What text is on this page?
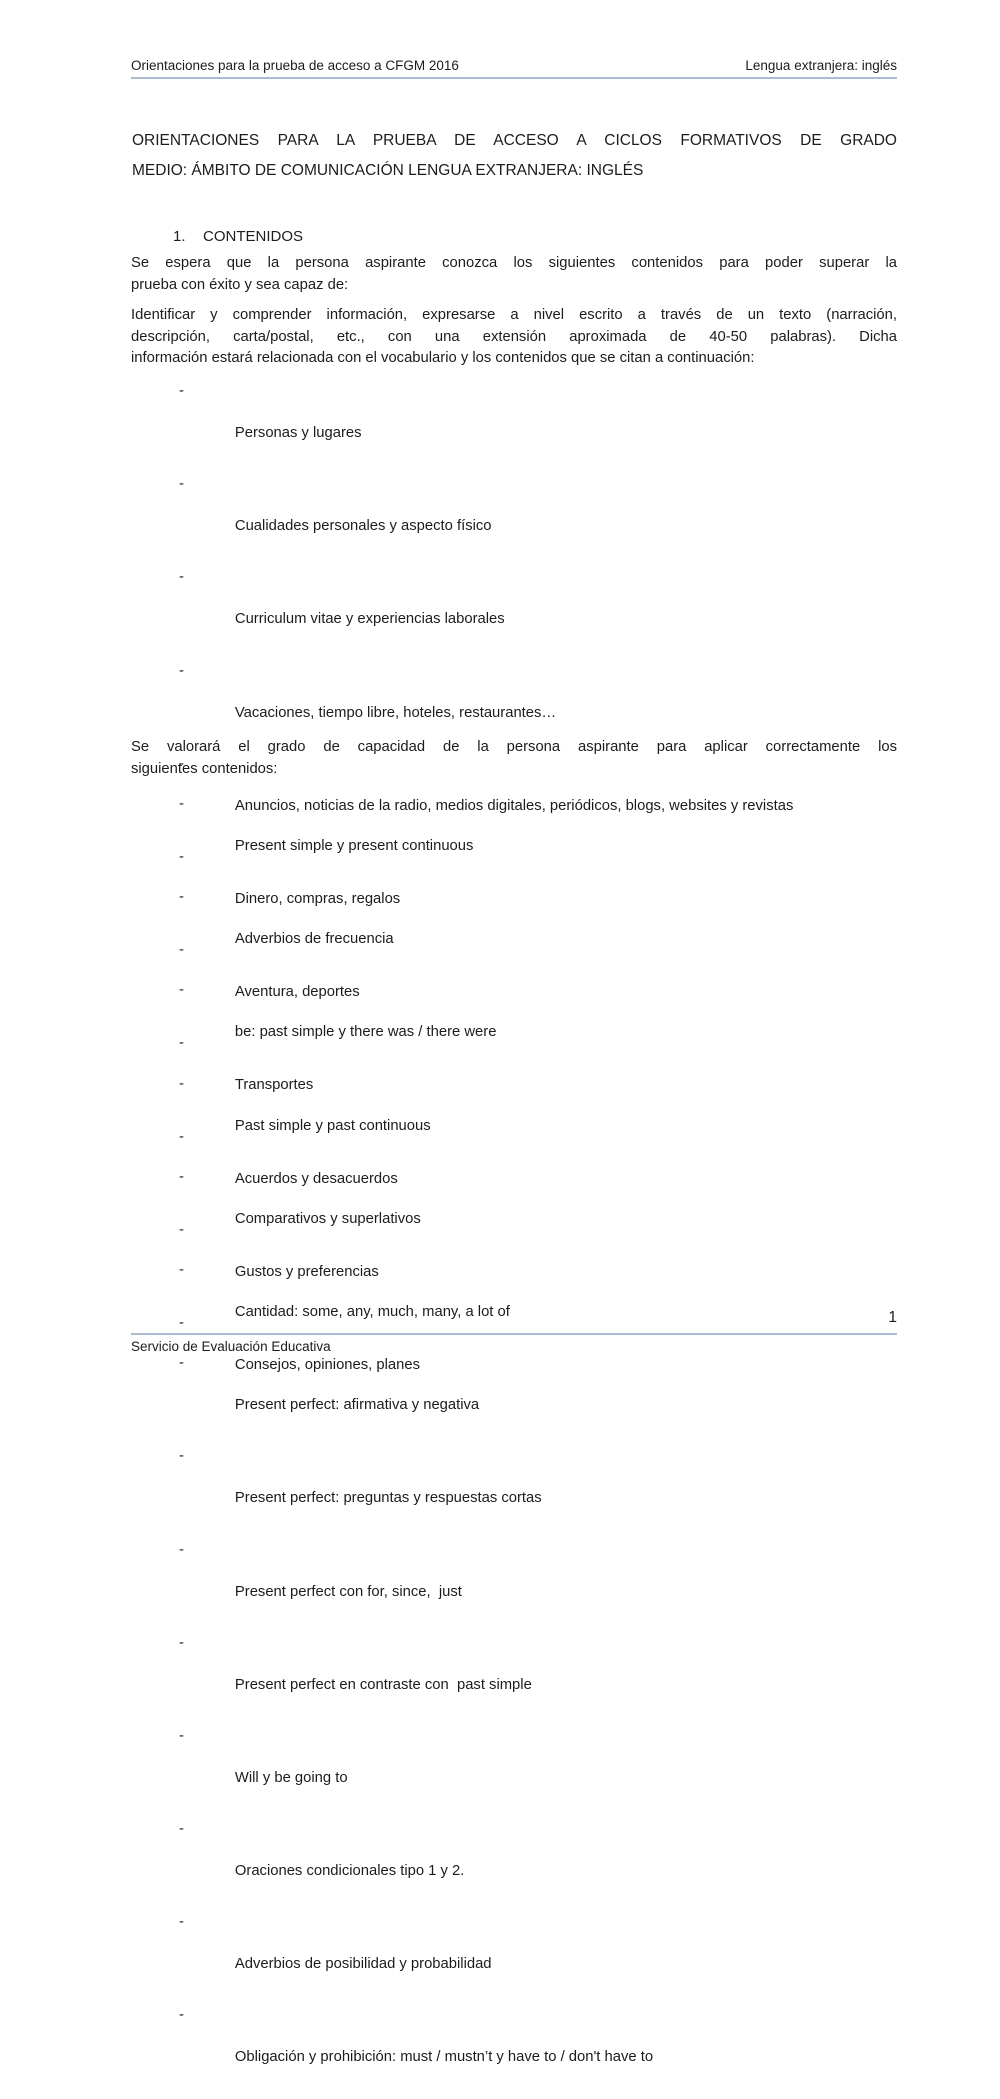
Orientaciones para la prueba de acceso a CFGM 2016	Lengua extranjera: inglés
ORIENTACIONES PARA LA PRUEBA DE ACCESO A CICLOS FORMATIVOS DE GRADO
MEDIO: ÁMBITO DE COMUNICACIÓN LENGUA EXTRANJERA: INGLÉS
1. CONTENIDOS
Se espera que la persona aspirante conozca los siguientes contenidos para poder superar la
prueba con éxito y sea capaz de:
Identificar y comprender información, expresarse a nivel escrito a través de un texto (narración,
descripción, carta/postal, etc., con una extensión aproximada de 40-50 palabras). Dicha
información estará relacionada con el vocabulario y los contenidos que se citan a continuación:

-

Personas y lugares

-

Cualidades personales y aspecto físico

-

Curriculum vitae y experiencias laborales

-

Vacaciones, tiempo libre, hoteles, restaurantes…

-

Anuncios, noticias de la radio, medios digitales, periódicos, blogs, websites y revistas

-

Dinero, compras, regalos

-

Aventura, deportes

-

Transportes

-

Acuerdos y desacuerdos

-

Gustos y preferencias

-

Consejos, opiniones, planes

Se valorará el grado de capacidad de la persona aspirante para aplicar correctamente los
siguientes contenidos:

-

Present simple y present continuous

-

Adverbios de frecuencia

-

be: past simple y there was / there were

-

Past simple y past continuous

-

Comparativos y superlativos

-

Cantidad: some, any, much, many, a lot of

-

Present perfect: afirmativa y negativa

-

Present perfect: preguntas y respuestas cortas

-

Present perfect con for, since,  just

-

Present perfect en contraste con  past simple

-

Will y be going to

-

Oraciones condicionales tipo 1 y 2.

-

Adverbios de posibilidad y probabilidad

-

Obligación y prohibición: must / mustn’t y have to / don't have to

1
Servicio de Evaluación Educativa
